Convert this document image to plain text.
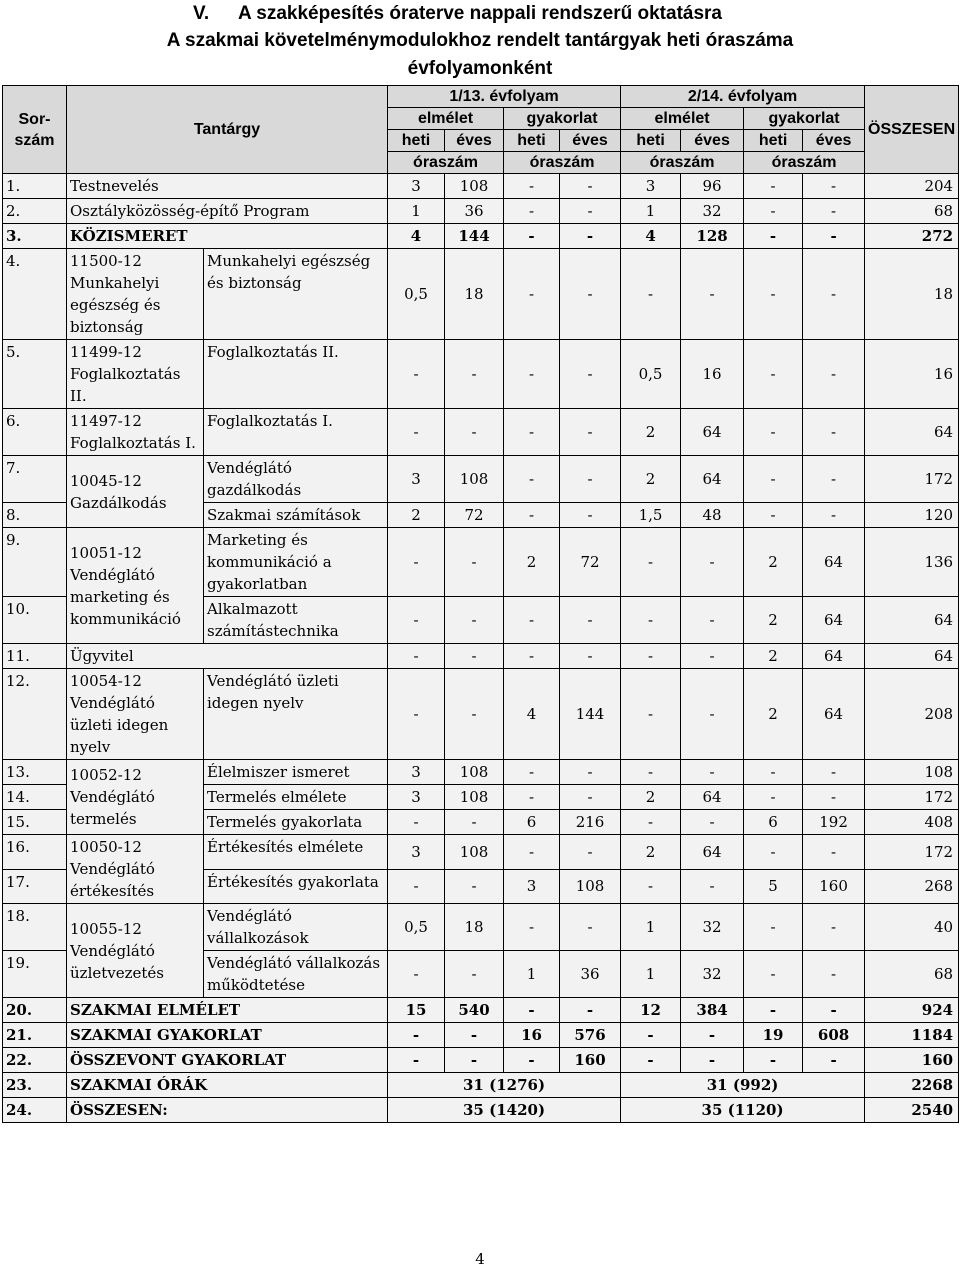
V. A szakképesítés óraterve nappali rendszerű oktatásra
A szakmai követelménymodulokhoz rendelt tantárgyak heti óraszáma
évfolyamonként
Sor-szám	Tantárgy		1/13. évfolyam				2/14. évfolyam				ÖSSZESEN
			elmélet		gyakorlat		elmélet		gyakorlat		
			heti	éves	heti	éves	heti	éves	heti	éves	
			óraszám		óraszám		óraszám		óraszám		
1.	Testnevelés		3	108	-	-	3	96	-	-	204
2.	Osztályközösség-építő Program		1	36	-	-	1	32	-	-	68
3.	KÖZISMERET		4	144	-	-	4	128	-	-	272
4.	11500-12 Munkahelyi egészség és biztonság	Munkahelyi egészség és biztonság	0,5	18	-	-	-	-	-	-	18
5.	11499-12 Foglalkoztatás II.	Foglalkoztatás II.	-	-	-	-	0,5	16	-	-	16
6.	11497-12 Foglalkoztatás I.	Foglalkoztatás I.	-	-	-	-	2	64	-	-	64
7.	10045-12 Gazdálkodás	Vendéglátó gazdálkodás	3	108	-	-	2	64	-	-	172
8.		Szakmai számítások	2	72	-	-	1,5	48	-	-	120
9.	10051-12 Vendéglátó marketing és kommunikáció	Marketing és kommunikáció a gyakorlatban	-	-	2	72	-	-	2	64	136
10.		Alkalmazott számítástechnika	-	-	-	-	-	-	2	64	64
11.	Ügyvitel		-	-	-	-	-	-	2	64	64
12.	10054-12 Vendéglátó üzleti idegen nyelv	Vendéglátó üzleti idegen nyelv	-	-	4	144	-	-	2	64	208
13.	10052-12 Vendéglátó termelés	Élelmiszer ismeret	3	108	-	-	-	-	-	-	108
14.		Termelés elmélete	3	108	-	-	2	64	-	-	172
15.		Termelés gyakorlata	-	-	6	216	-	-	6	192	408
16.	10050-12 Vendéglátó értékesítés	Értékesítés elmélete	3	108	-	-	2	64	-	-	172
17.		Értékesítés gyakorlata	-	-	3	108	-	-	5	160	268
18.	10055-12 Vendéglátó üzletvezetés	Vendéglátó vállalkozások	0,5	18	-	-	1	32	-	-	40
19.		Vendéglátó vállalkozás működtetése	-	-	1	36	1	32	-	-	68
20.	SZAKMAI ELMÉLET		15	540	-	-	12	384	-	-	924
21.	SZAKMAI GYAKORLAT		-	-	16	576	-	-	19	608	1184
22.	ÖSSZEVONT GYAKORLAT		-	-	-	160	-	-	-	-	160
23.	SZAKMAI ÓRÁK		31 (1276)				31 (992)				2268
24.	ÖSSZESEN:		35 (1420)				35 (1120)				2540
4
